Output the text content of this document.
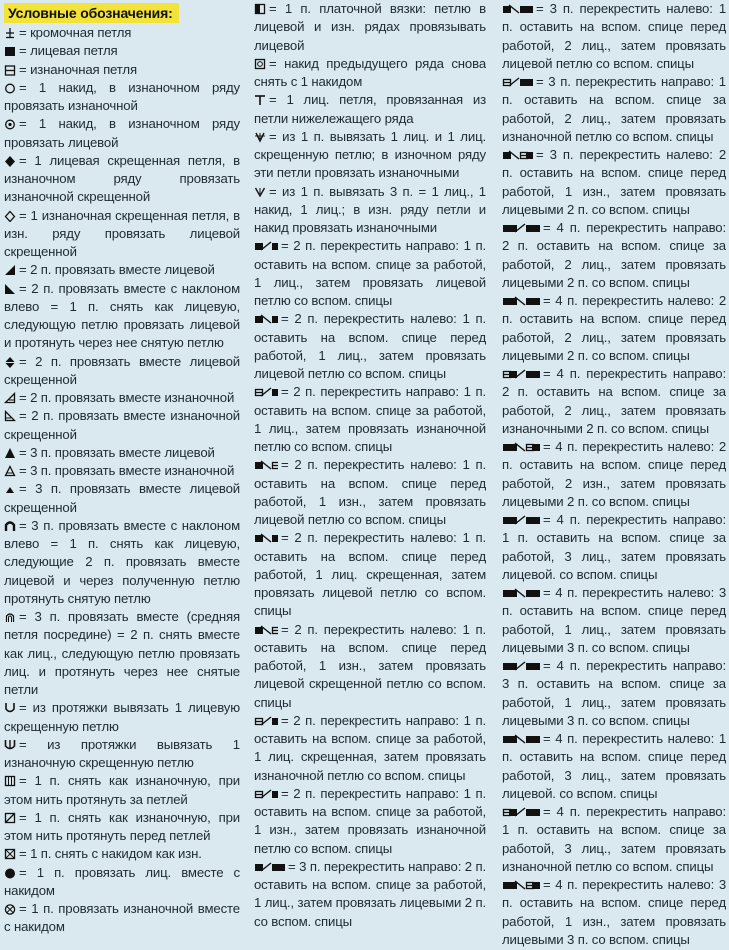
Условные обозначения:

= кромочная петля

= лицевая петля

= изнаночная петля

= 1 накид, в изнаночном ряду провязать изнаночной

= 1 накид, в изнаночном ряду провязать лицевой

= 1 лицевая скрещенная петля, в изнаночном ряду провязать изнаночной скрещенной

= 1 изнаночная скрещенная петля, в изн. ряду провязать лицевой скрещенной

= 2 п. провязать вместе лицевой

= 2 п. провязать вместе с наклоном влево = 1 п. снять как лицевую, следующую петлю провязать лицевой и протянуть через нее снятую петлю

= 2 п. провязать вместе лицевой скрещенной

= 2 п. провязать вместе изнаночной

= 2 п. провязать вместе изнаночной скрещенной

= 3 п. провязать вместе лицевой

= 3 п. провязать вместе изнаночной

= 3 п. провязать вместе лицевой скрещенной

= 3 п. провязать вместе с наклоном влево = 1 п. снять как лицевую, следующие 2 п. провязать вместе лицевой и через полученную петлю протянуть снятую петлю

= 3 п. провязать вместе (средняя петля посредине) = 2 п. снять вместе как лиц., следующую петлю провязать лиц. и протянуть через нее снятые петли

= из протяжки вывязать 1 лицевую скрещенную петлю

= из протяжки вывязать 1 изнаночную скрещенную петлю

= 1 п. снять как изнаночную, при этом нить протянуть за петлей

= 1 п. снять как изнаночную, при этом нить протянуть перед петлей

= 1 п. снять с накидом как изн.

= 1 п. провязать лиц. вместе с накидом

= 1 п. провязать изнаночной вместе с накидом

= 1 п. платочной вязки: петлю в лицевой и изн. рядах провязывать лицевой

= накид предыдущего ряда снова снять с 1 накидом

= 1 лиц. петля, провязанная из петли нижележащего ряда

= из 1 п. вывязать 1 лиц. и 1 лиц. скрещенную петлю; в изночном ряду эти петли провязать изнаночными

= из 1 п. вывязать 3 п. = 1 лиц., 1 накид, 1 лиц.; в изн. ряду петли и накид провязать изнаночными

= 2 п. перекрестить направо: 1 п. оставить на вспом. спице за работой, 1 лиц., затем провязать лицевой петлю со вспом. спицы

= 2 п. перекрестить налево: 1 п. оставить на вспом. спице перед работой, 1 лиц., затем провязать лицевой петлю со вспом. спицы

= 2 п. перекрестить направо: 1 п. оставить на вспом. спице за работой, 1 лиц., затем провязать изнаночной петлю со вспом. спицы

= 2 п. перекрестить налево: 1 п. оставить на вспом. спице перед работой, 1 изн., затем провязать лицевой петлю со вспом. спицы

= 2 п. перекрестить налево: 1 п. оставить на вспом. спице перед работой, 1 лиц. скрещенная, затем провязать лицевой петлю со вспом. спицы

= 2 п. перекрестить налево: 1 п. оставить на вспом. спице перед работой, 1 изн., затем провязать лицевой скрещенной петлю со вспом. спицы

= 2 п. перекрестить направо: 1 п. оставить на вспом. спице за работой, 1 лиц. скрещенная, затем провязать изнаночной петлю со вспом. спицы

= 2 п. перекрестить направо: 1 п. оставить на вспом. спице за работой, 1 изн., затем провязать изнаночной петлю со вспом. спицы

= 3 п. перекрестить направо: 2 п. оставить на вспом. спице за работой, 1 лиц., затем провязать лицевыми 2 п. со вспом. спицы

= 3 п. перекрестить налево: 1 п. оставить на вспом. спице перед работой, 2 лиц., затем провязать лицевой петлю со вспом. спицы

= 3 п. перекрестить направо: 1 п. оставить на вспом. спице за работой, 2 лиц., затем провязать изнаночной петлю со вспом. спицы

= 3 п. перекрестить налево: 2 п. оставить на вспом. спице перед работой, 1 изн., затем провязать лицевыми 2 п. со вспом. спицы

= 4 п. перекрестить направо: 2 п. оставить на вспом. спице за работой, 2 лиц., затем провязать лицевыми 2 п. со вспом. спицы

= 4 п. перекрестить налево: 2 п. оставить на вспом. спице перед работой, 2 лиц., затем провязать лицевыми 2 п. со вспом. спицы

= 4 п. перекрестить направо: 2 п. оставить на вспом. спице за работой, 2 лиц., затем провязать изнаночными 2 п. со вспом. спицы

= 4 п. перекрестить налево: 2 п. оставить на вспом. спице перед работой, 2 изн., затем провязать лицевыми 2 п. со вспом. спицы

= 4 п. перекрестить направо: 1 п. оставить на вспом. спице за работой, 3 лиц., затем провязать лицевой. со вспом. спицы

= 4 п. перекрестить налево: 3 п. оставить на вспом. спице перед работой, 1 лиц., затем провязать лицевыми 3 п. со вспом. спицы

= 4 п. перекрестить направо: 3 п. оставить на вспом. спице за работой, 1 лиц., затем провязать лицевыми 3 п. со вспом. спицы

= 4 п. перекрестить налево: 1 п. оставить на вспом. спице перед работой, 3 лиц., затем провязать лицевой. со вспом. спицы

= 4 п. перекрестить направо: 1 п. оставить на вспом. спице за работой, 3 лиц., затем провязать изнаночной петлю со вспом. спицы

= 4 п. перекрестить налево: 3 п. оставить на вспом. спице перед работой, 1 изн., затем провязать лицевыми 3 п. со вспом. спицы
